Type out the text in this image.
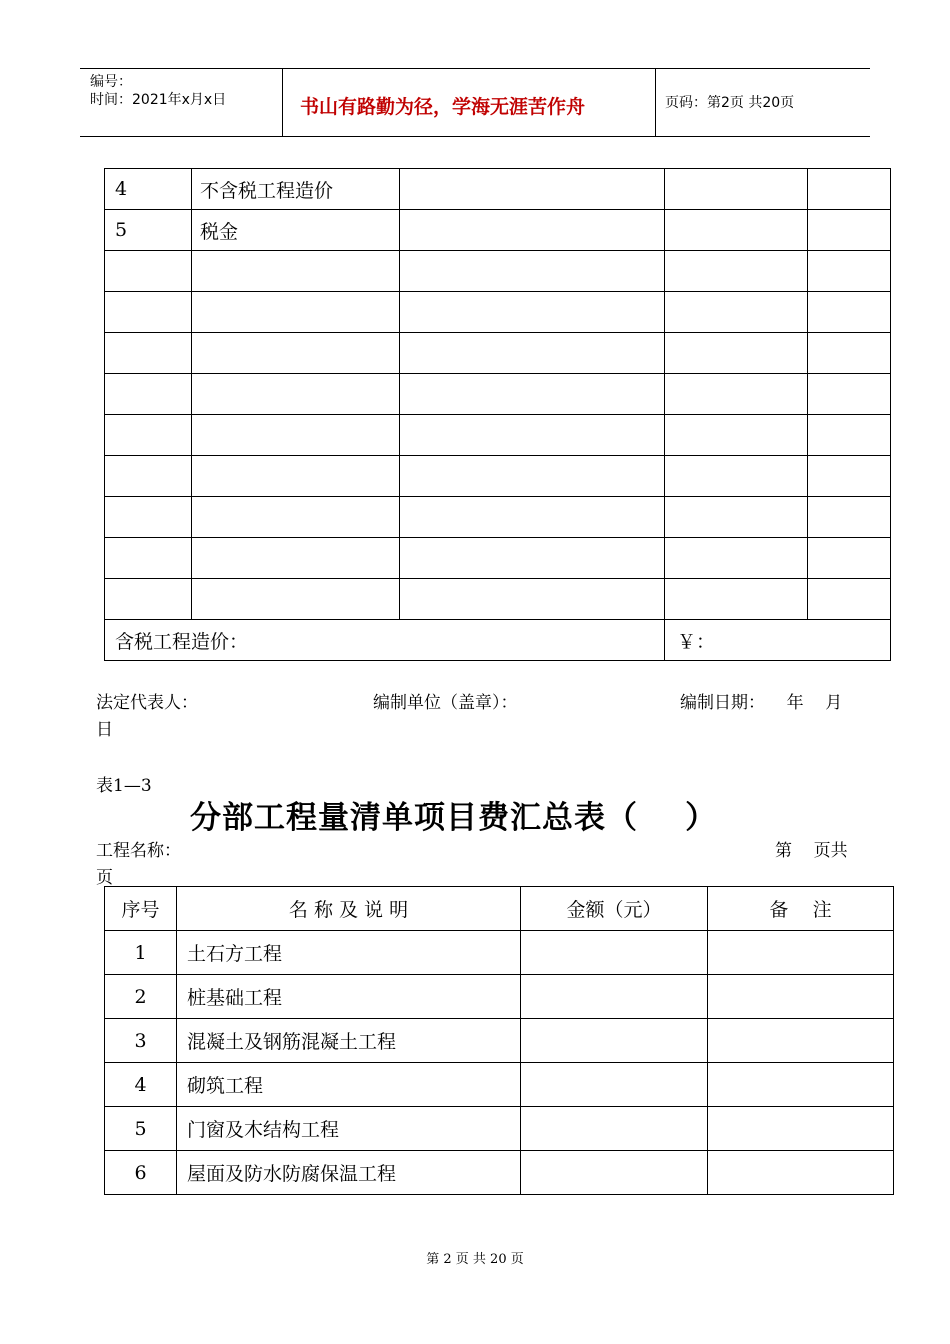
编号：
时间：2021年x月x日	书山有路勤为径，学海无涯苦作舟	页码：第2页 共20页
4	不含税工程造价			
5	税金			

含税工程造价：			￥：	
法定代表人：	编制单位（盖章）：	编制日期：    年    月
日
表1—3
分部工程量清单项目费汇总表（    ）
工程名称：	第    页共
页
序号	名 称 及 说 明	金额（元）	备    注
1	土石方工程		
2	桩基础工程		
3	混凝土及钢筋混凝土工程		
4	砌筑工程		
5	门窗及木结构工程		
6	屋面及防水防腐保温工程		
第 2 页 共 20 页
